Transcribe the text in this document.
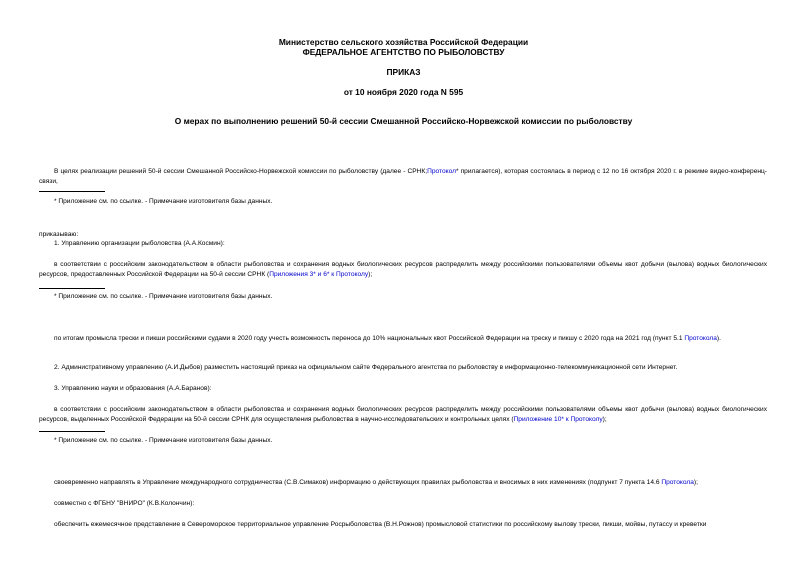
Министерство сельского хозяйства Российской Федерации
ФЕДЕРАЛЬНОЕ АГЕНТСТВО ПО РЫБОЛОВСТВУ
ПРИКАЗ
от 10 ноября 2020 года N 595
О мерах по выполнению решений 50-й сессии Смешанной Российско-Норвежской комиссии по рыболовству
В целях реализации решений 50-й сессии Смешанной Российско-Норвежской комиссии по рыболовству (далее - СРНК;Протокол* прилагается), которая состоялась в период с 12 по 16 октября 2020 г. в режиме видео-конференц-связи,
* Приложение см. по ссылке. - Примечание изготовителя базы данных.
приказываю:
1. Управлению организации рыболовства (А.А.Космин):
в соответствии с российским законодательством в области рыболовства и сохранения водных биологических ресурсов распределить между российскими пользователями объемы квот добычи (вылова) водных биологических ресурсов, предоставленных Российской Федерации на 50-й сессии СРНК (Приложения 3* и 6* к Протоколу);
* Приложение см. по ссылке. - Примечание изготовителя базы данных.
по итогам промысла трески и пикши российскими судами в 2020 году учесть возможность переноса до 10% национальных квот Российской Федерации на треску и пикшу с 2020 года на 2021 год (пункт 5.1 Протокола).
2. Административному управлению (А.И.Дыбов) разместить настоящий приказ на официальном сайте Федерального агентства по рыболовству в информационно-телекоммуникационной сети Интернет.
3. Управлению науки и образования (А.А.Баранов):
в соответствии с российским законодательством в области рыболовства и сохранения водных биологических ресурсов распределить между российскими пользователями объемы квот добычи (вылова) водных биологических ресурсов, выделенных Российской Федерации на 50-й сессии СРНК для осуществления рыболовства в научно-исследовательских и контрольных целях (Приложение 10* к Протоколу);
* Приложение см. по ссылке. - Примечание изготовителя базы данных.
своевременно направлять в Управление международного сотрудничества (С.В.Симаков) информацию о действующих правилах рыболовства и вносимых в них изменениях (подпункт 7 пункта 14.6 Протокола);
совместно с ФГБНУ "ВНИРО" (К.В.Колончин):
обеспечить ежемесячное представление в Североморское территориальное управление Росрыболовства (В.Н.Рожнов) промысловой статистики по российскому вылову трески, пикши, мойвы, путассу и креветки
